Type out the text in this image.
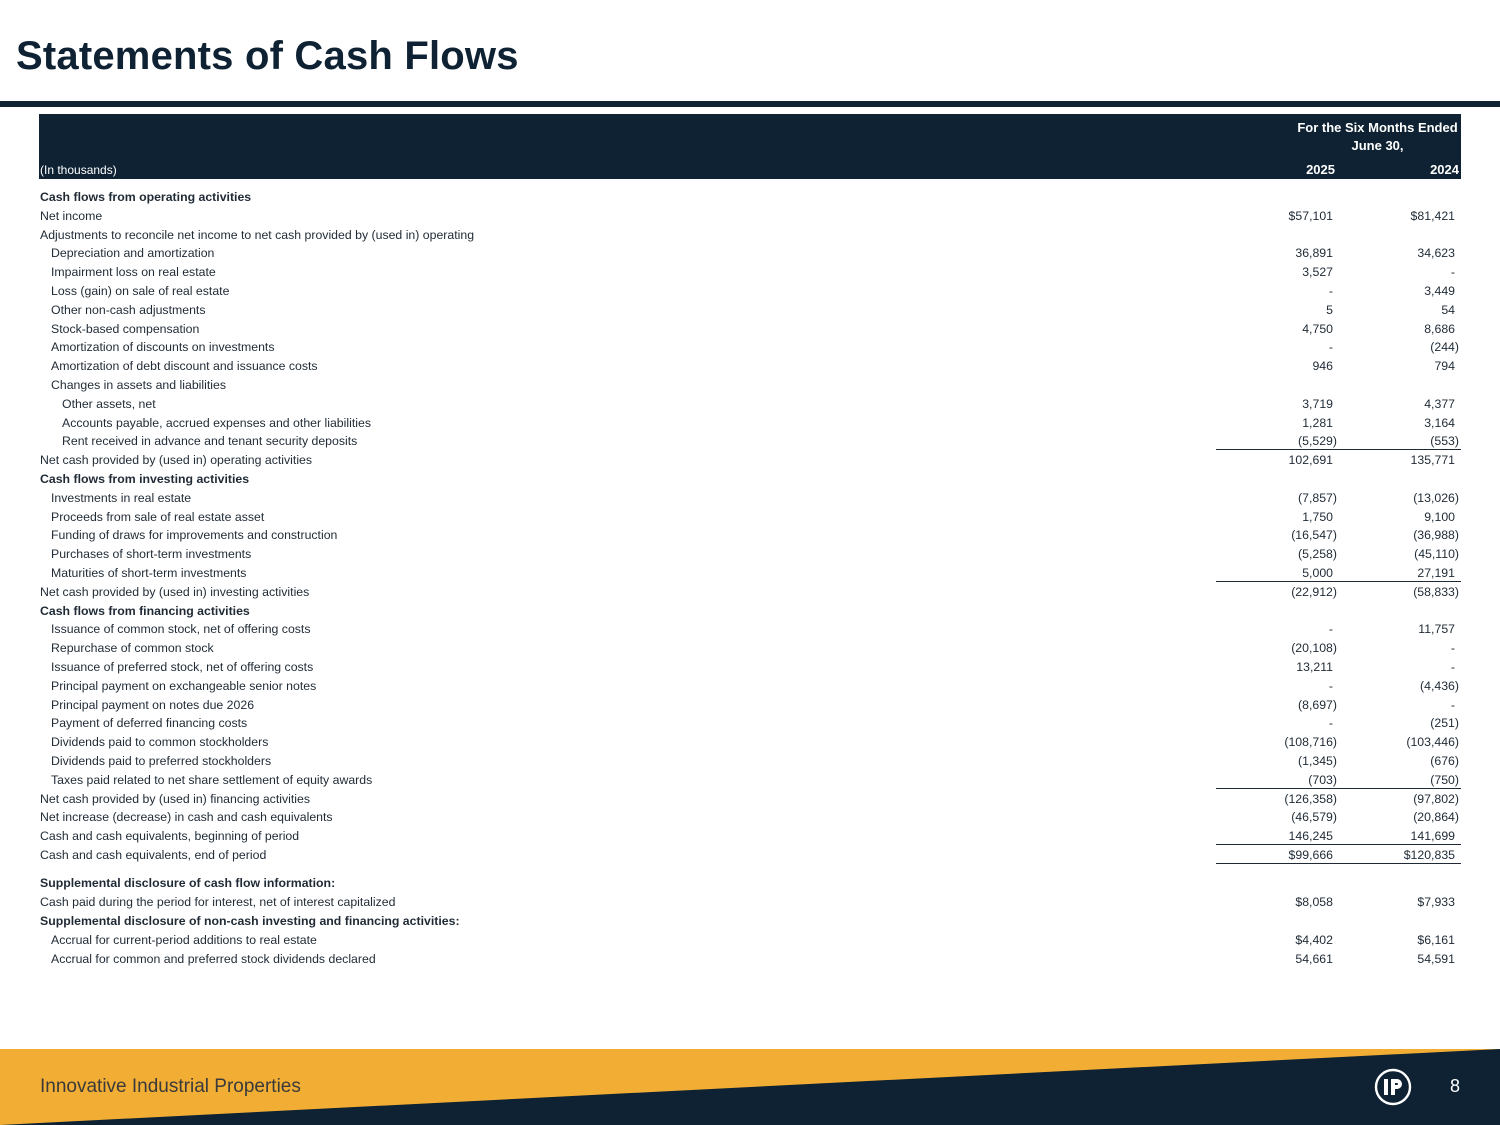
Statements of Cash Flows
For the Six Months Ended
June 30,
(In thousands)	2025	2024
Cash flows from operating activities
Net income	$57,101	$81,421
Adjustments to reconcile net income to net cash provided by (used in) operating
Depreciation and amortization	36,891	34,623
Impairment loss on real estate	3,527	-
Loss (gain) on sale of real estate	-	3,449
Other non-cash adjustments	5	54
Stock-based compensation	4,750	8,686
Amortization of discounts on investments	-	(244)
Amortization of debt discount and issuance costs	946	794
Changes in assets and liabilities
Other assets, net	3,719	4,377
Accounts payable, accrued expenses and other liabilities	1,281	3,164
Rent received in advance and tenant security deposits	(5,529)	(553)
Net cash provided by (used in) operating activities	102,691	135,771
Cash flows from investing activities
Investments in real estate	(7,857)	(13,026)
Proceeds from sale of real estate asset	1,750	9,100
Funding of draws for improvements and construction	(16,547)	(36,988)
Purchases of short-term investments	(5,258)	(45,110)
Maturities of short-term investments	5,000	27,191
Net cash provided by (used in) investing activities	(22,912)	(58,833)
Cash flows from financing activities
Issuance of common stock, net of offering costs	-	11,757
Repurchase of common stock	(20,108)	-
Issuance of preferred stock, net of offering costs	13,211	-
Principal payment on exchangeable senior notes	-	(4,436)
Principal payment on notes due 2026	(8,697)	-
Payment of deferred financing costs	-	(251)
Dividends paid to common stockholders	(108,716)	(103,446)
Dividends paid to preferred stockholders	(1,345)	(676)
Taxes paid related to net share settlement of equity awards	(703)	(750)
Net cash provided by (used in) financing activities	(126,358)	(97,802)
Net increase (decrease) in cash and cash equivalents	(46,579)	(20,864)
Cash and cash equivalents, beginning of period	146,245	141,699
Cash and cash equivalents, end of period	$99,666	$120,835
Supplemental disclosure of cash flow information:
Cash paid during the period for interest, net of interest capitalized	$8,058	$7,933
Supplemental disclosure of non-cash investing and financing activities:
Accrual for current-period additions to real estate	$4,402	$6,161
Accrual for common and preferred stock dividends declared	54,661	54,591
Innovative Industrial Properties	8
